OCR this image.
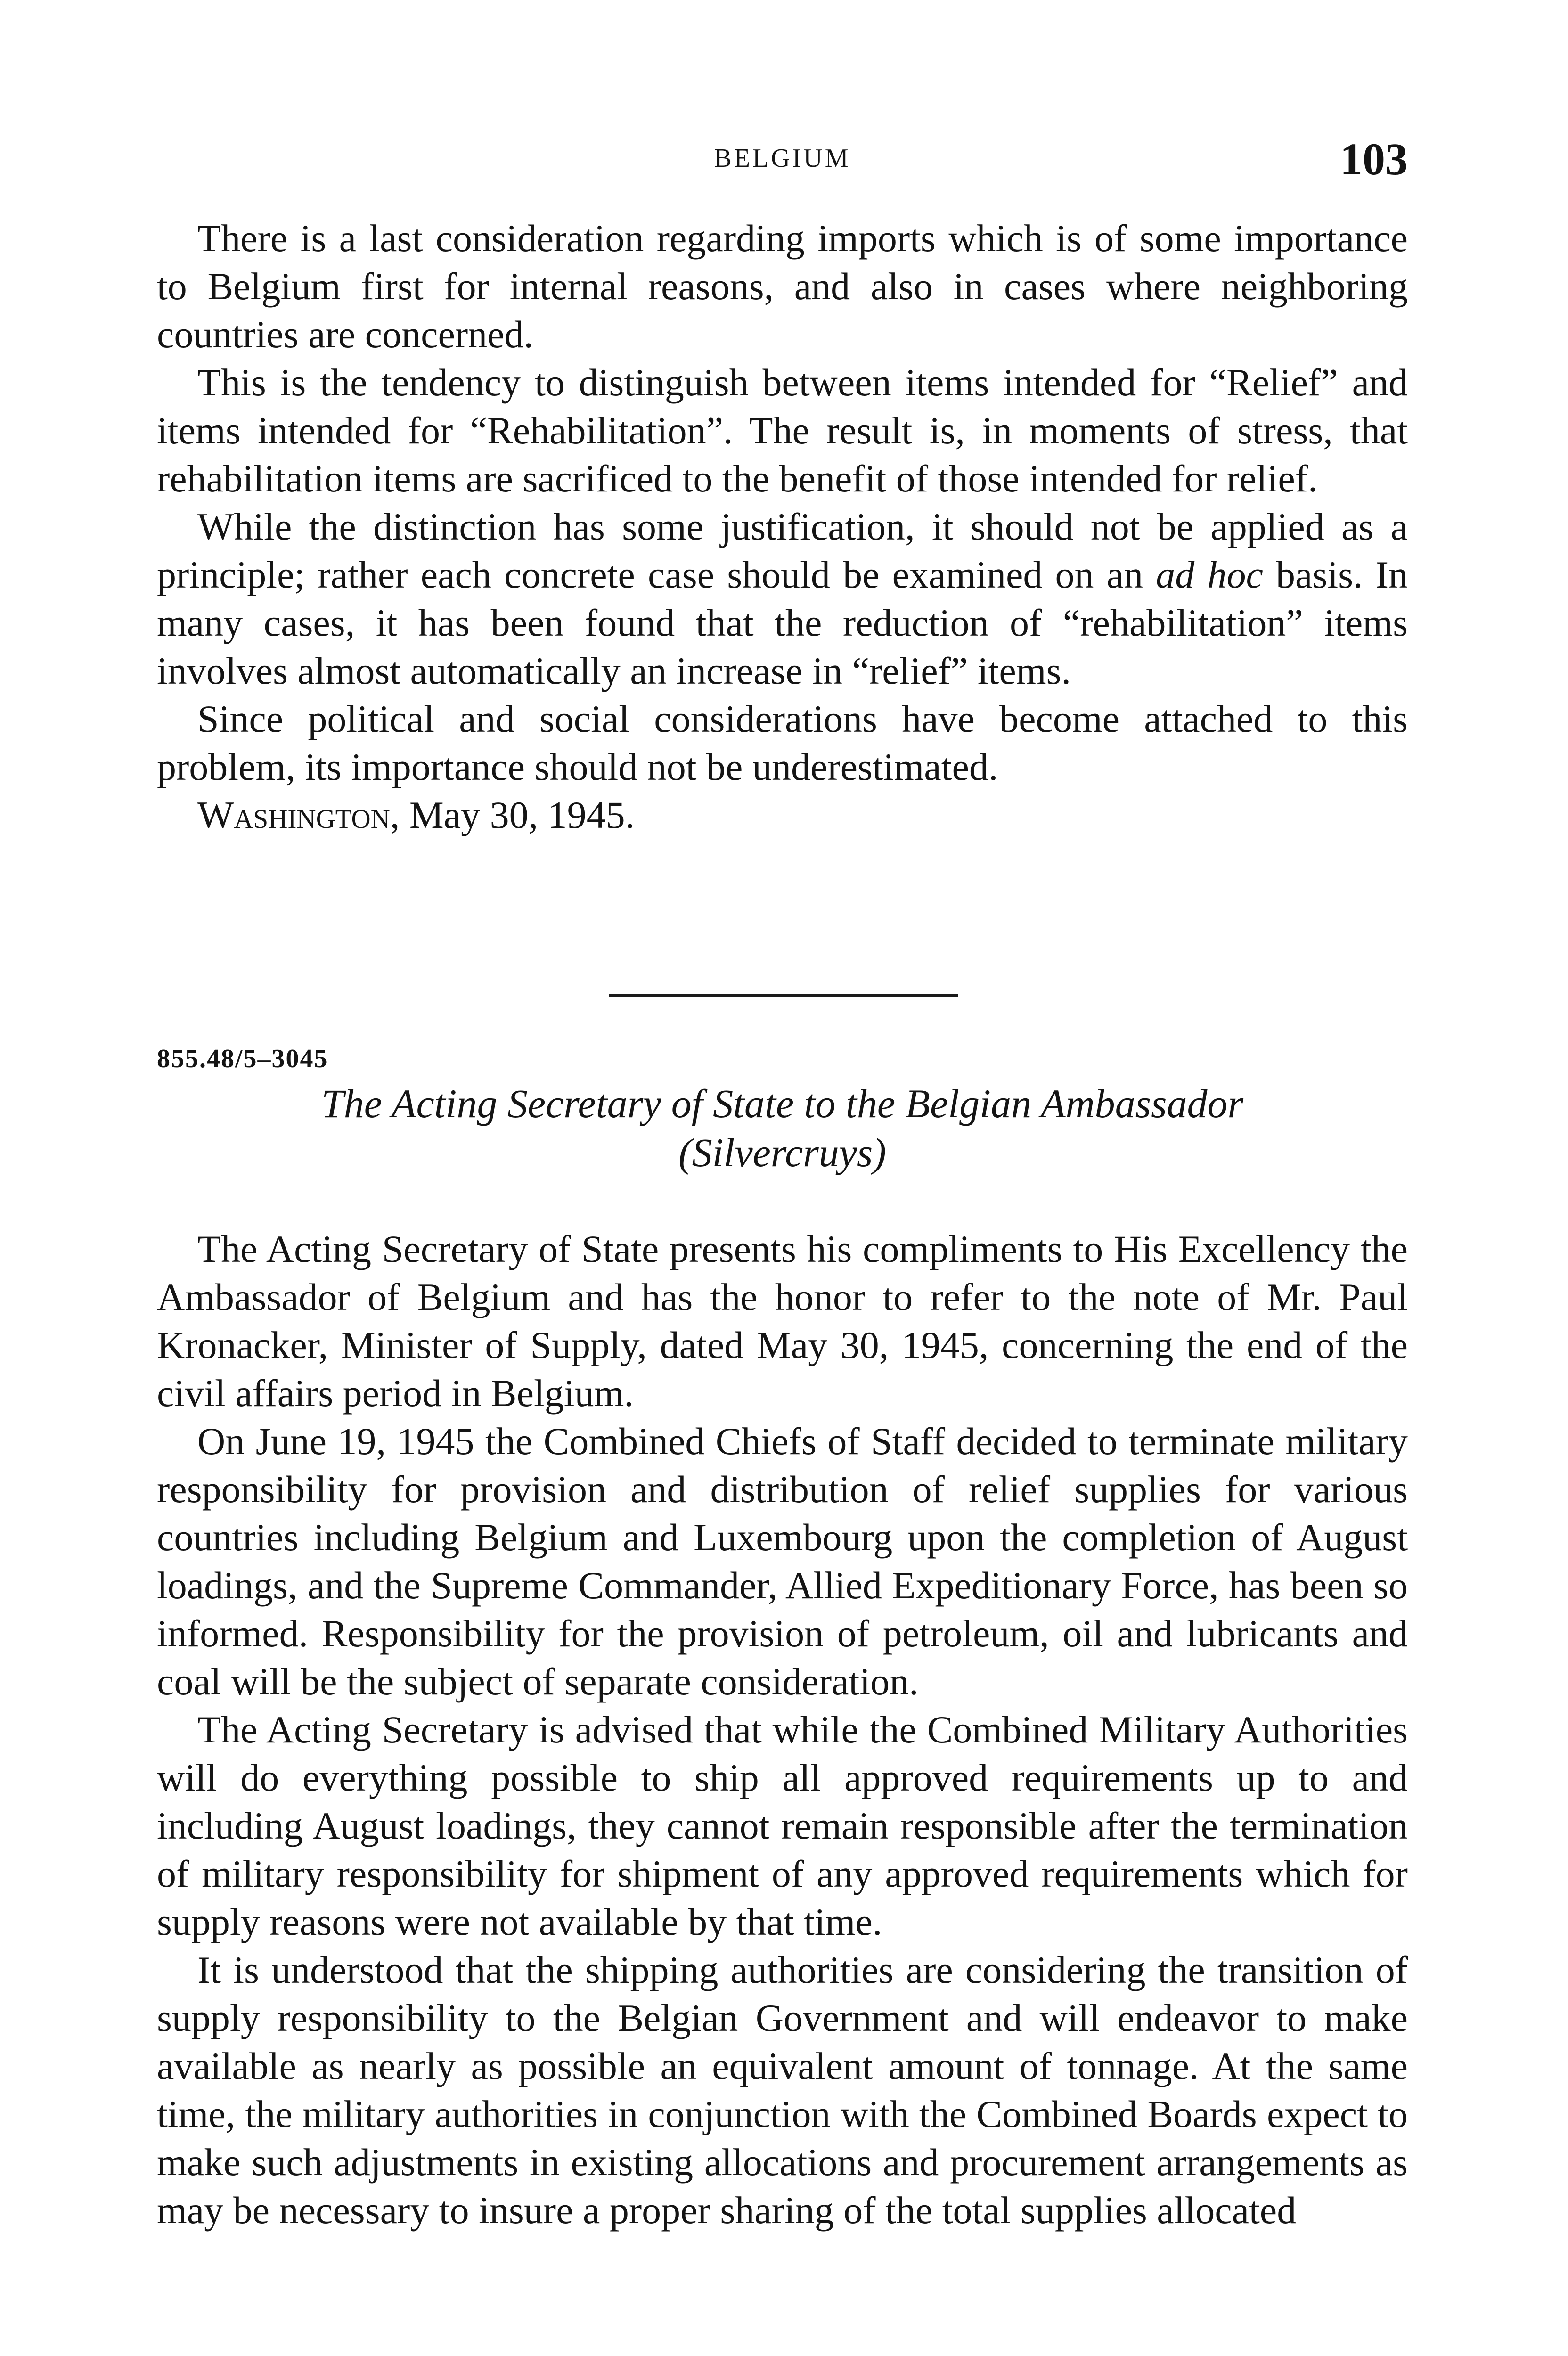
BELGIUM	103

There is a last consideration regarding imports which is of some importance to Belgium first for internal reasons, and also in cases where neighboring countries are concerned.

This is the tendency to distinguish between items intended for “Relief” and items intended for “Rehabilitation”. The result is, in moments of stress, that rehabilitation items are sacrificed to the benefit of those intended for relief.

While the distinction has some justification, it should not be applied as a principle; rather each concrete case should be examined on an ad hoc basis. In many cases, it has been found that the reduction of “rehabilitation” items involves almost automatically an increase in “relief” items.

Since political and social considerations have become attached to this problem, its importance should not be underestimated.

Washington, May 30, 1945.

855.48/5–3045
The Acting Secretary of State to the Belgian Ambassador
(Silvercruys)

The Acting Secretary of State presents his compliments to His Excellency the Ambassador of Belgium and has the honor to refer to the note of Mr. Paul Kronacker, Minister of Supply, dated May 30, 1945, concerning the end of the civil affairs period in Belgium.

On June 19, 1945 the Combined Chiefs of Staff decided to terminate military responsibility for provision and distribution of relief supplies for various countries including Belgium and Luxembourg upon the completion of August loadings, and the Supreme Commander, Allied Expeditionary Force, has been so informed. Responsibility for the provision of petroleum, oil and lubricants and coal will be the subject of separate consideration.

The Acting Secretary is advised that while the Combined Military Authorities will do everything possible to ship all approved requirements up to and including August loadings, they cannot remain responsible after the termination of military responsibility for shipment of any approved requirements which for supply reasons were not available by that time.

It is understood that the shipping authorities are considering the transition of supply responsibility to the Belgian Government and will endeavor to make available as nearly as possible an equivalent amount of tonnage. At the same time, the military authorities in conjunction with the Combined Boards expect to make such adjustments in existing allocations and procurement arrangements as may be necessary to insure a proper sharing of the total supplies allocated
